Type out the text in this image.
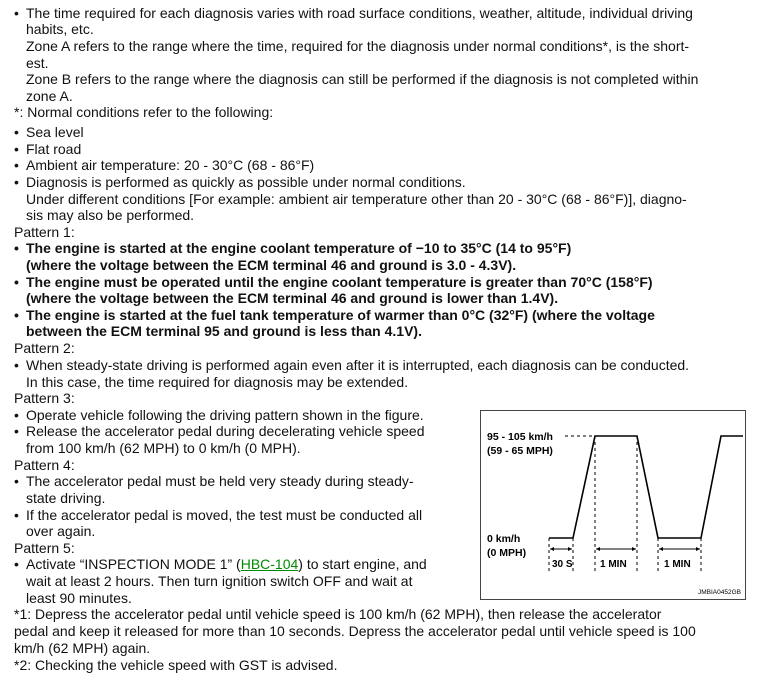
• The time required for each diagnosis varies with road surface conditions, weather, altitude, individual driving
habits, etc.
Zone A refers to the range where the time, required for the diagnosis under normal conditions*, is the short-
est.
Zone B refers to the range where the diagnosis can still be performed if the diagnosis is not completed within
zone A.
*: Normal conditions refer to the following:
• Sea level
• Flat road
• Ambient air temperature: 20 - 30°C (68 - 86°F)
• Diagnosis is performed as quickly as possible under normal conditions.
Under different conditions [For example: ambient air temperature other than 20 - 30°C (68 - 86°F)], diagno-
sis may also be performed.
Pattern 1:
• The engine is started at the engine coolant temperature of −10 to 35°C (14 to 95°F)
(where the voltage between the ECM terminal 46 and ground is 3.0 - 4.3V).
• The engine must be operated until the engine coolant temperature is greater than 70°C (158°F)
(where the voltage between the ECM terminal 46 and ground is lower than 1.4V).
• The engine is started at the fuel tank temperature of warmer than 0°C (32°F) (where the voltage
between the ECM terminal 95 and ground is less than 4.1V).
Pattern 2:
• When steady-state driving is performed again even after it is interrupted, each diagnosis can be conducted.
In this case, the time required for diagnosis may be extended.
Pattern 3:
• Operate vehicle following the driving pattern shown in the figure.
• Release the accelerator pedal during decelerating vehicle speed
from 100 km/h (62 MPH) to 0 km/h (0 MPH).
Pattern 4:
• The accelerator pedal must be held very steady during steady-
state driving.
• If the accelerator pedal is moved, the test must be conducted all
over again.
Pattern 5:
• Activate “INSPECTION MODE 1” (HBC-104) to start engine, and
wait at least 2 hours. Then turn ignition switch OFF and wait at
least 90 minutes.
*1: Depress the accelerator pedal until vehicle speed is 100 km/h (62 MPH), then release the accelerator
pedal and keep it released for more than 10 seconds. Depress the accelerator pedal until vehicle speed is 100
km/h (62 MPH) again.
*2: Checking the vehicle speed with GST is advised.
95 - 105 km/h
(59 - 65 MPH)
0 km/h
(0 MPH)
30 S	1 MIN	1 MIN
JMBIA0452GB
